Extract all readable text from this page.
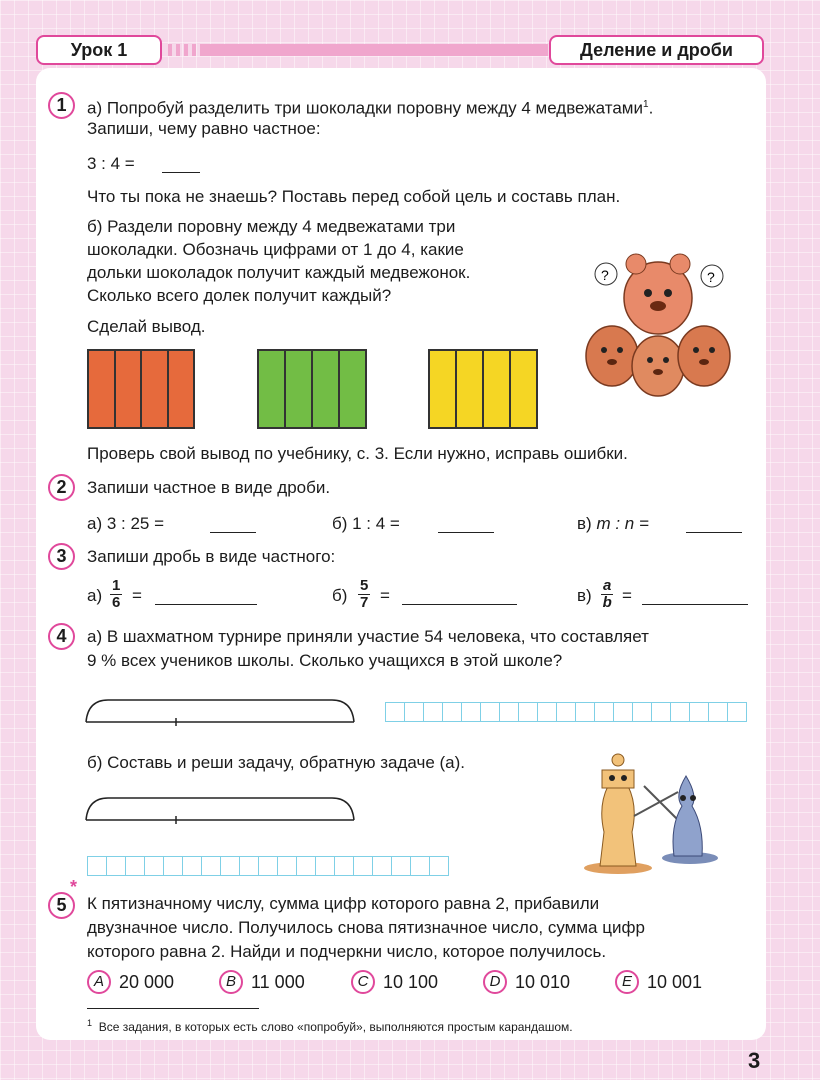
Урок 1	Деление и дроби
1	а) Попробуй разделить три шоколадки поровну между 4 медвежатами$^1$.
Запиши, чему равно частное:
3 : 4 =
Что ты пока не знаешь? Поставь перед собой цель и составь план.
б) Раздели поровну между 4 медвежатами три
шоколадки. Обозначь цифрами от 1 до 4, какие
дольки шоколадок получит каждый медвежонок.
Сколько всего долек получит каждый?
Сделай вывод.
?	?
Проверь свой вывод по учебнику, с. 3. Если нужно, исправь ошибки.
2	Запиши частное в виде дроби.
а) 3 : 25 =	б) 1 : 4 =	в) m : n =
3	Запиши дробь в виде частного:
$а) \frac{1}{6}$ =	$б) \frac{5}{7}$ =	$в) \frac{a}{b}$ =
4	а) В шахматном турнире приняли участие 54 человека, что составляет
9 % всех учеников школы. Сколько учащихся в этой школе?
б) Составь и реши задачу, обратную задаче (а).
5
*
К пятизначному числу, сумма цифр которого равна 2, прибавили
двузначное число. Получилось снова пятизначное число, сумма цифр
которого равна 2. Найди и подчеркни число, которое получилось.
A 20 000	B 11 000	C 10 100	D 10 010	E 10 001
$^1$ Все задания, в которых есть слово «попробуй», выполняются простым карандашом.
3
